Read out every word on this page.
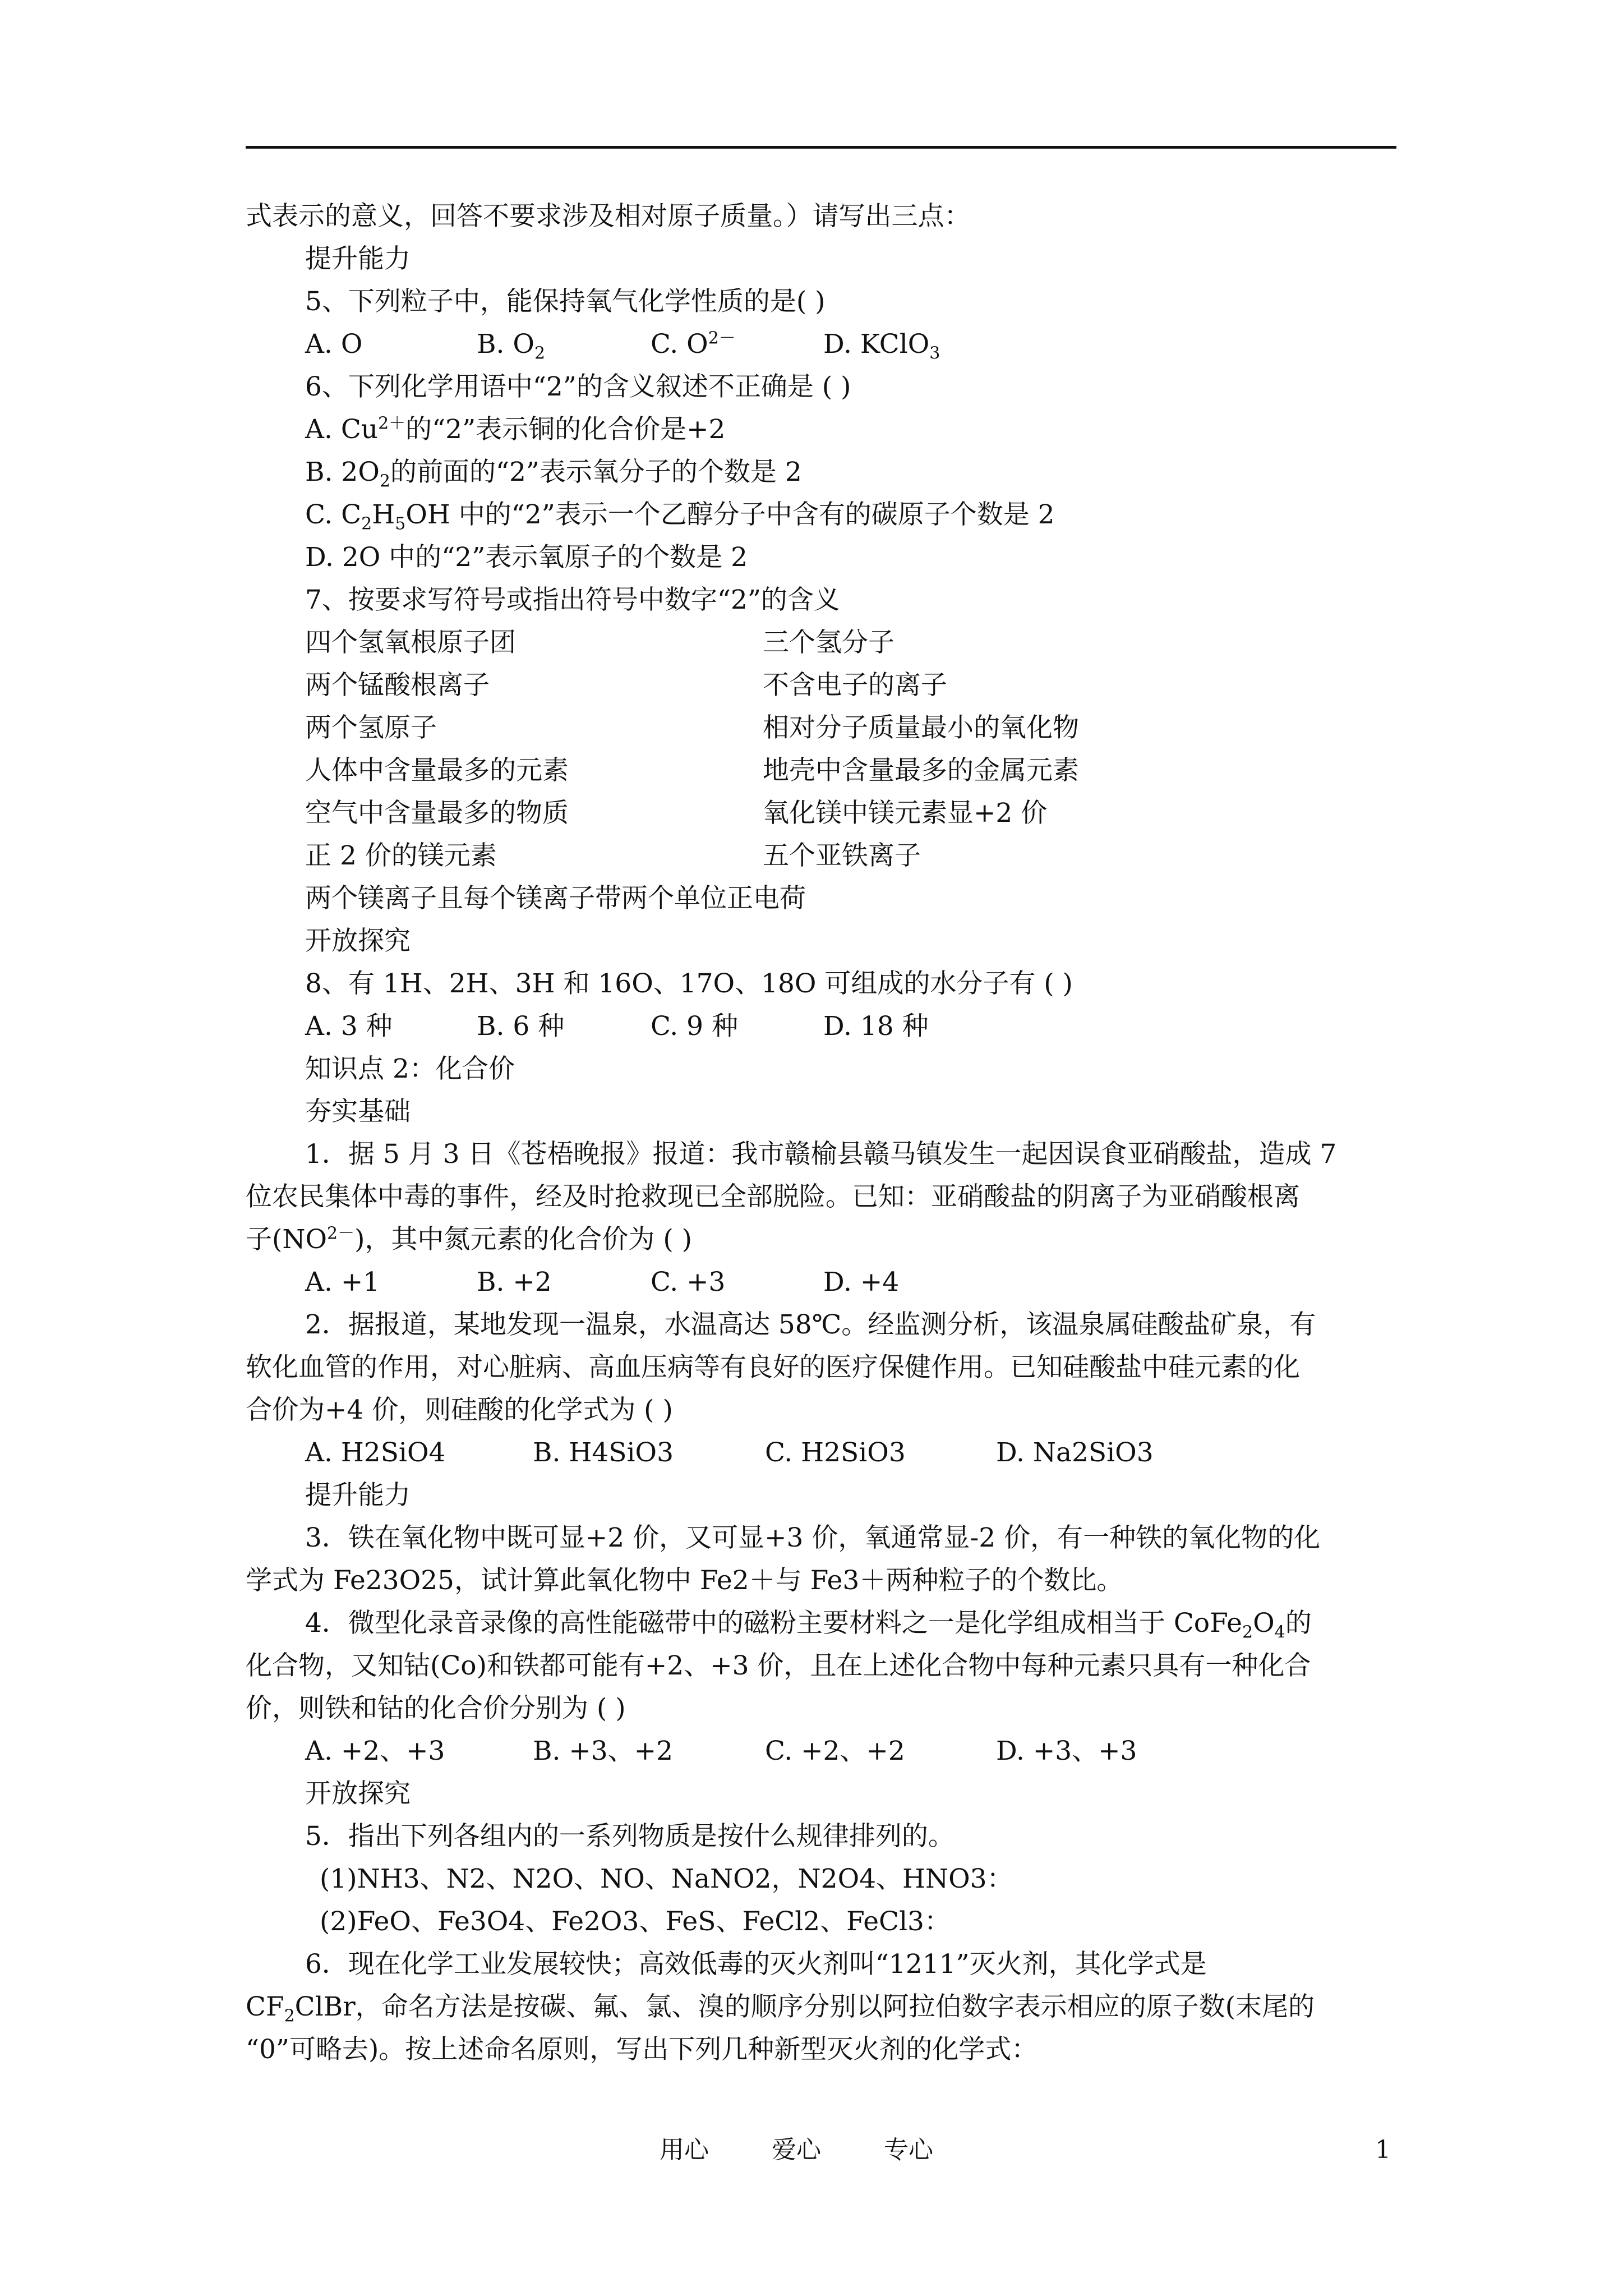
式表示的意义，回答不要求涉及相对原子质量。）请写出三点：
提升能力
5、下列粒子中，能保持氧气化学性质的是( )
A. O	B. $O_2$	C. $O^{2-}$	D. KClO$_3$
6、下列化学用语中“2”的含义叙述不正确是 ( )
A. $Cu^{2+}$的“2”表示铜的化合价是+2
B. $2O_2$的前面的“2”表示氧分子的个数是 2
C. $C_2H_5OH$ 中的“2”表示一个乙醇分子中含有的碳原子个数是 2
D. 2O 中的“2”表示氧原子的个数是 2
7、按要求写符号或指出符号中数字“2”的含义
四个氢氧根原子团	三个氢分子
两个锰酸根离子	不含电子的离子
两个氢原子	相对分子质量最小的氧化物
人体中含量最多的元素	地壳中含量最多的金属元素
空气中含量最多的物质	氧化镁中镁元素显+2 价
正 2 价的镁元素	五个亚铁离子
两个镁离子且每个镁离子带两个单位正电荷
开放探究
8、有 1H、2H、3H 和 16O、17O、18O 可组成的水分子有 ( )
A. 3 种	B. 6 种	C. 9 种	D. 18 种
知识点 2：化合价
夯实基础
1．据 5 月 3 日《苍梧晚报》报道：我市赣榆县赣马镇发生一起因误食亚硝酸盐，造成 7
位农民集体中毒的事件，经及时抢救现已全部脱险。已知：亚硝酸盐的阴离子为亚硝酸根离
子$(NO^{2-})$，其中氮元素的化合价为 ( )
A. +1	B. +2	C. +3	D. +4
2．据报道，某地发现一温泉，水温高达 58℃。经监测分析，该温泉属硅酸盐矿泉，有
软化血管的作用，对心脏病、高血压病等有良好的医疗保健作用。已知硅酸盐中硅元素的化
合价为+4 价，则硅酸的化学式为 ( )
A. H2SiO4	B. H4SiO3	C. H2SiO3	D. Na2SiO3
提升能力
3．铁在氧化物中既可显+2 价，又可显+3 价，氧通常显-2 价，有一种铁的氧化物的化
学式为 Fe23O25，试计算此氧化物中 Fe2＋与 Fe3＋两种粒子的个数比。
4．微型化录音录像的高性能磁带中的磁粉主要材料之一是化学组成相当于 $CoFe_2O_4$的
化合物，又知钴(Co)和铁都可能有+2、+3 价，且在上述化合物中每种元素只具有一种化合
价，则铁和钴的化合价分别为 ( )
A. +2、+3	B. +3、+2	C. +2、+2	D. +3、+3
开放探究
5．指出下列各组内的一系列物质是按什么规律排列的。
(1)NH3、N2、N2O、NO、NaNO2，N2O4、HNO3：
(2)FeO、Fe3O4、Fe2O3、FeS、FeCl2、FeCl3：
6．现在化学工业发展较快；高效低毒的灭火剂叫“1211”灭火剂，其化学式是
$CF_2ClBr$，命名方法是按碳、氟、氯、溴的顺序分别以阿拉伯数字表示相应的原子数(末尾的
“0”可略去)。按上述命名原则，写出下列几种新型灭火剂的化学式：
用心	爱心	专心	1
